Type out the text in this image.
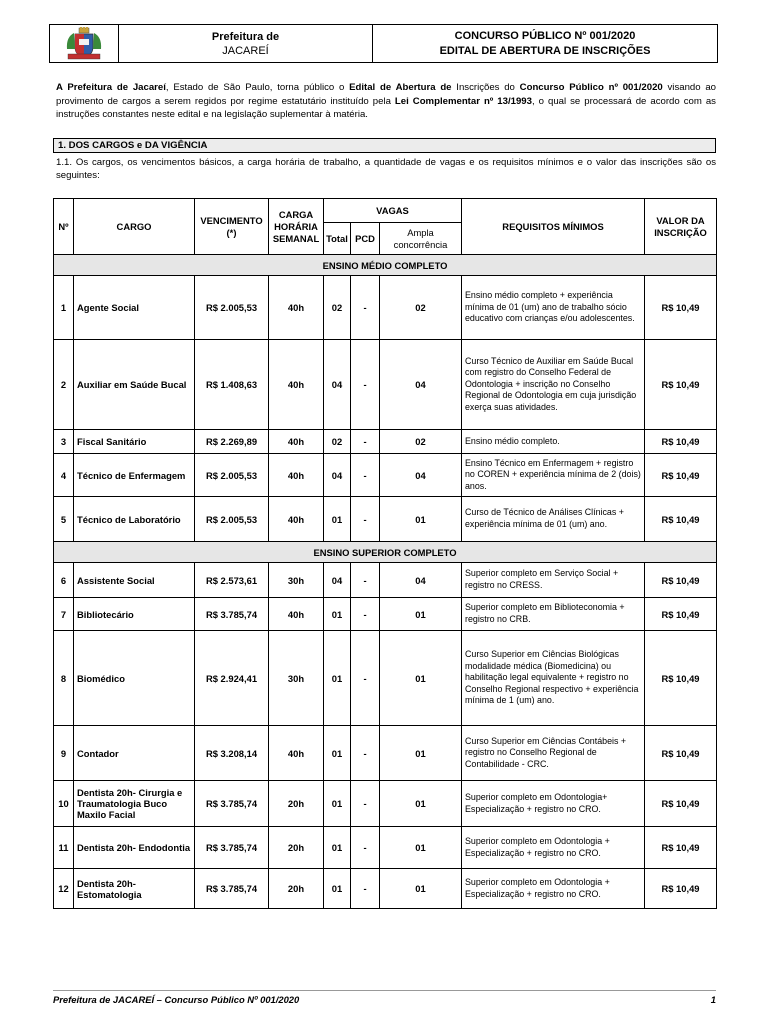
Prefeitura de
JACAREÍ
CONCURSO PÚBLICO Nº 001/2020
EDITAL DE ABERTURA DE INSCRIÇÕES
A Prefeitura de Jacareí, Estado de São Paulo, torna público o Edital de Abertura de Inscrições do Concurso Público nº 001/2020 visando ao provimento de cargos a serem regidos por regime estatutário instituído pela Lei Complementar nº 13/1993, o qual se processará de acordo com as instruções constantes neste edital e na legislação suplementar à matéria.
1. DOS CARGOS e DA VIGÊNCIA
1.1. Os cargos, os vencimentos básicos, a carga horária de trabalho, a quantidade de vagas e os requisitos mínimos e o valor das inscrições são os seguintes:
Nº	CARGO	VENCIMENTO (*)	CARGA HORÁRIA SEMANAL	VAGAS			REQUISITOS MÍNIMOS	VALOR DA INSCRIÇÃO
				Total	PCD	Ampla concorrência		
ENSINO MÉDIO COMPLETO								
1	Agente Social	R$ 2.005,53	40h	02	-	02	Ensino médio completo + experiência mínima de 01 (um) ano de trabalho sócio educativo com crianças e/ou adolescentes.	R$ 10,49
2	Auxiliar em Saúde Bucal	R$ 1.408,63	40h	04	-	04	Curso Técnico de Auxiliar em Saúde Bucal com registro do Conselho Federal de Odontologia + inscrição no Conselho Regional de Odontologia em cuja jurisdição exerça suas atividades.	R$ 10,49
3	Fiscal Sanitário	R$ 2.269,89	40h	02	-	02	Ensino médio completo.	R$ 10,49
4	Técnico de Enfermagem	R$ 2.005,53	40h	04	-	04	Ensino Técnico em Enfermagem + registro no COREN + experiência mínima de 2 (dois) anos.	R$ 10,49
5	Técnico de Laboratório	R$ 2.005,53	40h	01	-	01	Curso de Técnico de Análises Clínicas + experiência mínima de 01 (um) ano.	R$ 10,49
ENSINO SUPERIOR COMPLETO								
6	Assistente Social	R$ 2.573,61	30h	04	-	04	Superior completo em Serviço Social + registro no CRESS.	R$ 10,49
7	Bibliotecário	R$ 3.785,74	40h	01	-	01	Superior completo em Biblioteconomia + registro no CRB.	R$ 10,49
8	Biomédico	R$ 2.924,41	30h	01	-	01	Curso Superior em Ciências Biológicas modalidade médica (Biomedicina) ou habilitação legal equivalente + registro no Conselho Regional respectivo + experiência mínima de 1 (um) ano.	R$ 10,49
9	Contador	R$ 3.208,14	40h	01	-	01	Curso Superior em Ciências Contábeis + registro no Conselho Regional de Contabilidade - CRC.	R$ 10,49
10	Dentista 20h- Cirurgia e Traumatologia Buco Maxilo Facial	R$ 3.785,74	20h	01	-	01	Superior completo em Odontologia+ Especialização + registro no CRO.	R$ 10,49
11	Dentista 20h- Endodontia	R$ 3.785,74	20h	01	-	01	Superior completo em Odontologia + Especialização + registro no CRO.	R$ 10,49
12	Dentista 20h- Estomatologia	R$ 3.785,74	20h	01	-	01	Superior completo em Odontologia + Especialização + registro no CRO.	R$ 10,49
Prefeitura de JACAREÍ – Concurso Público Nº 001/2020	1
